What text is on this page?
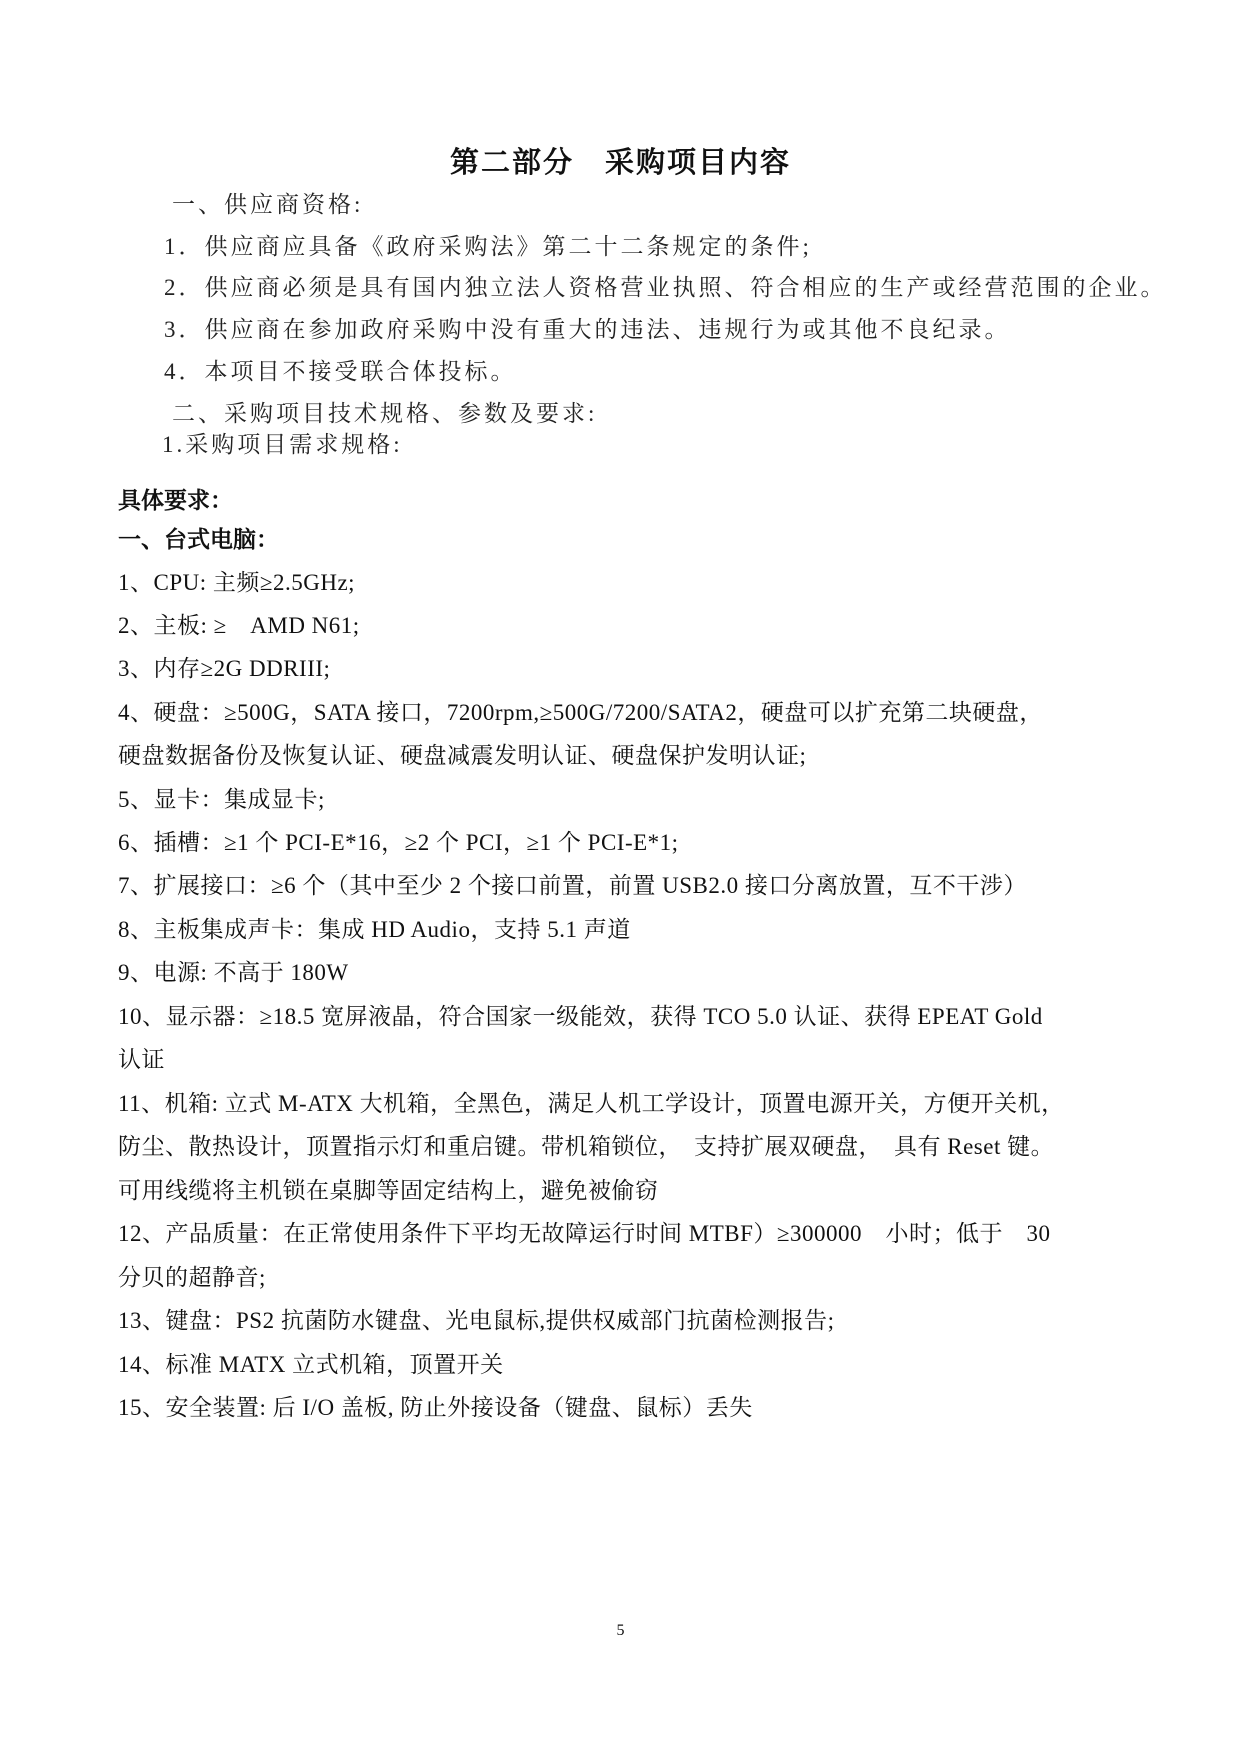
第二部分　采购项目内容
一、供应商资格:
1．供应商应具备《政府采购法》第二十二条规定的条件;
2．供应商必须是具有国内独立法人资格营业执照、符合相应的生产或经营范围的企业。
3．供应商在参加政府采购中没有重大的违法、违规行为或其他不良纪录。
4．本项目不接受联合体投标。
二、采购项目技术规格、参数及要求:
1.采购项目需求规格:
具体要求：
一、台式电脑：
1、CPU: 主频≥2.5GHz;
2、主板: ≥　AMD N61;
3、内存≥2G DDRIII;
4、硬盘：≥500G，SATA 接口，7200rpm,≥500G/7200/SATA2，硬盘可以扩充第二块硬盘，
硬盘数据备份及恢复认证、硬盘减震发明认证、硬盘保护发明认证;
5、显卡：集成显卡;
6、插槽：≥1 个 PCI-E*16，≥2 个 PCI，≥1 个 PCI-E*1;
7、扩展接口：≥6 个（其中至少 2 个接口前置，前置 USB2.0 接口分离放置，互不干涉）
8、主板集成声卡：集成 HD Audio，支持 5.1 声道
9、电源: 不高于 180W
10、显示器：≥18.5 宽屏液晶，符合国家一级能效，获得 TCO 5.0 认证、获得 EPEAT Gold
认证
11、机箱: 立式 M-ATX 大机箱，全黑色，满足人机工学设计，顶置电源开关，方便开关机，
防尘、散热设计，顶置指示灯和重启键。带机箱锁位，　支持扩展双硬盘，　具有 Reset 键。
可用线缆将主机锁在桌脚等固定结构上，避免被偷窃
12、产品质量：在正常使用条件下平均无故障运行时间 MTBF）≥300000　小时；低于　30
分贝的超静音;
13、键盘：PS2 抗菌防水键盘、光电鼠标,提供权威部门抗菌检测报告;
14、标准 MATX 立式机箱，顶置开关
15、安全装置: 后 I/O 盖板, 防止外接设备（键盘、鼠标）丢失
5
